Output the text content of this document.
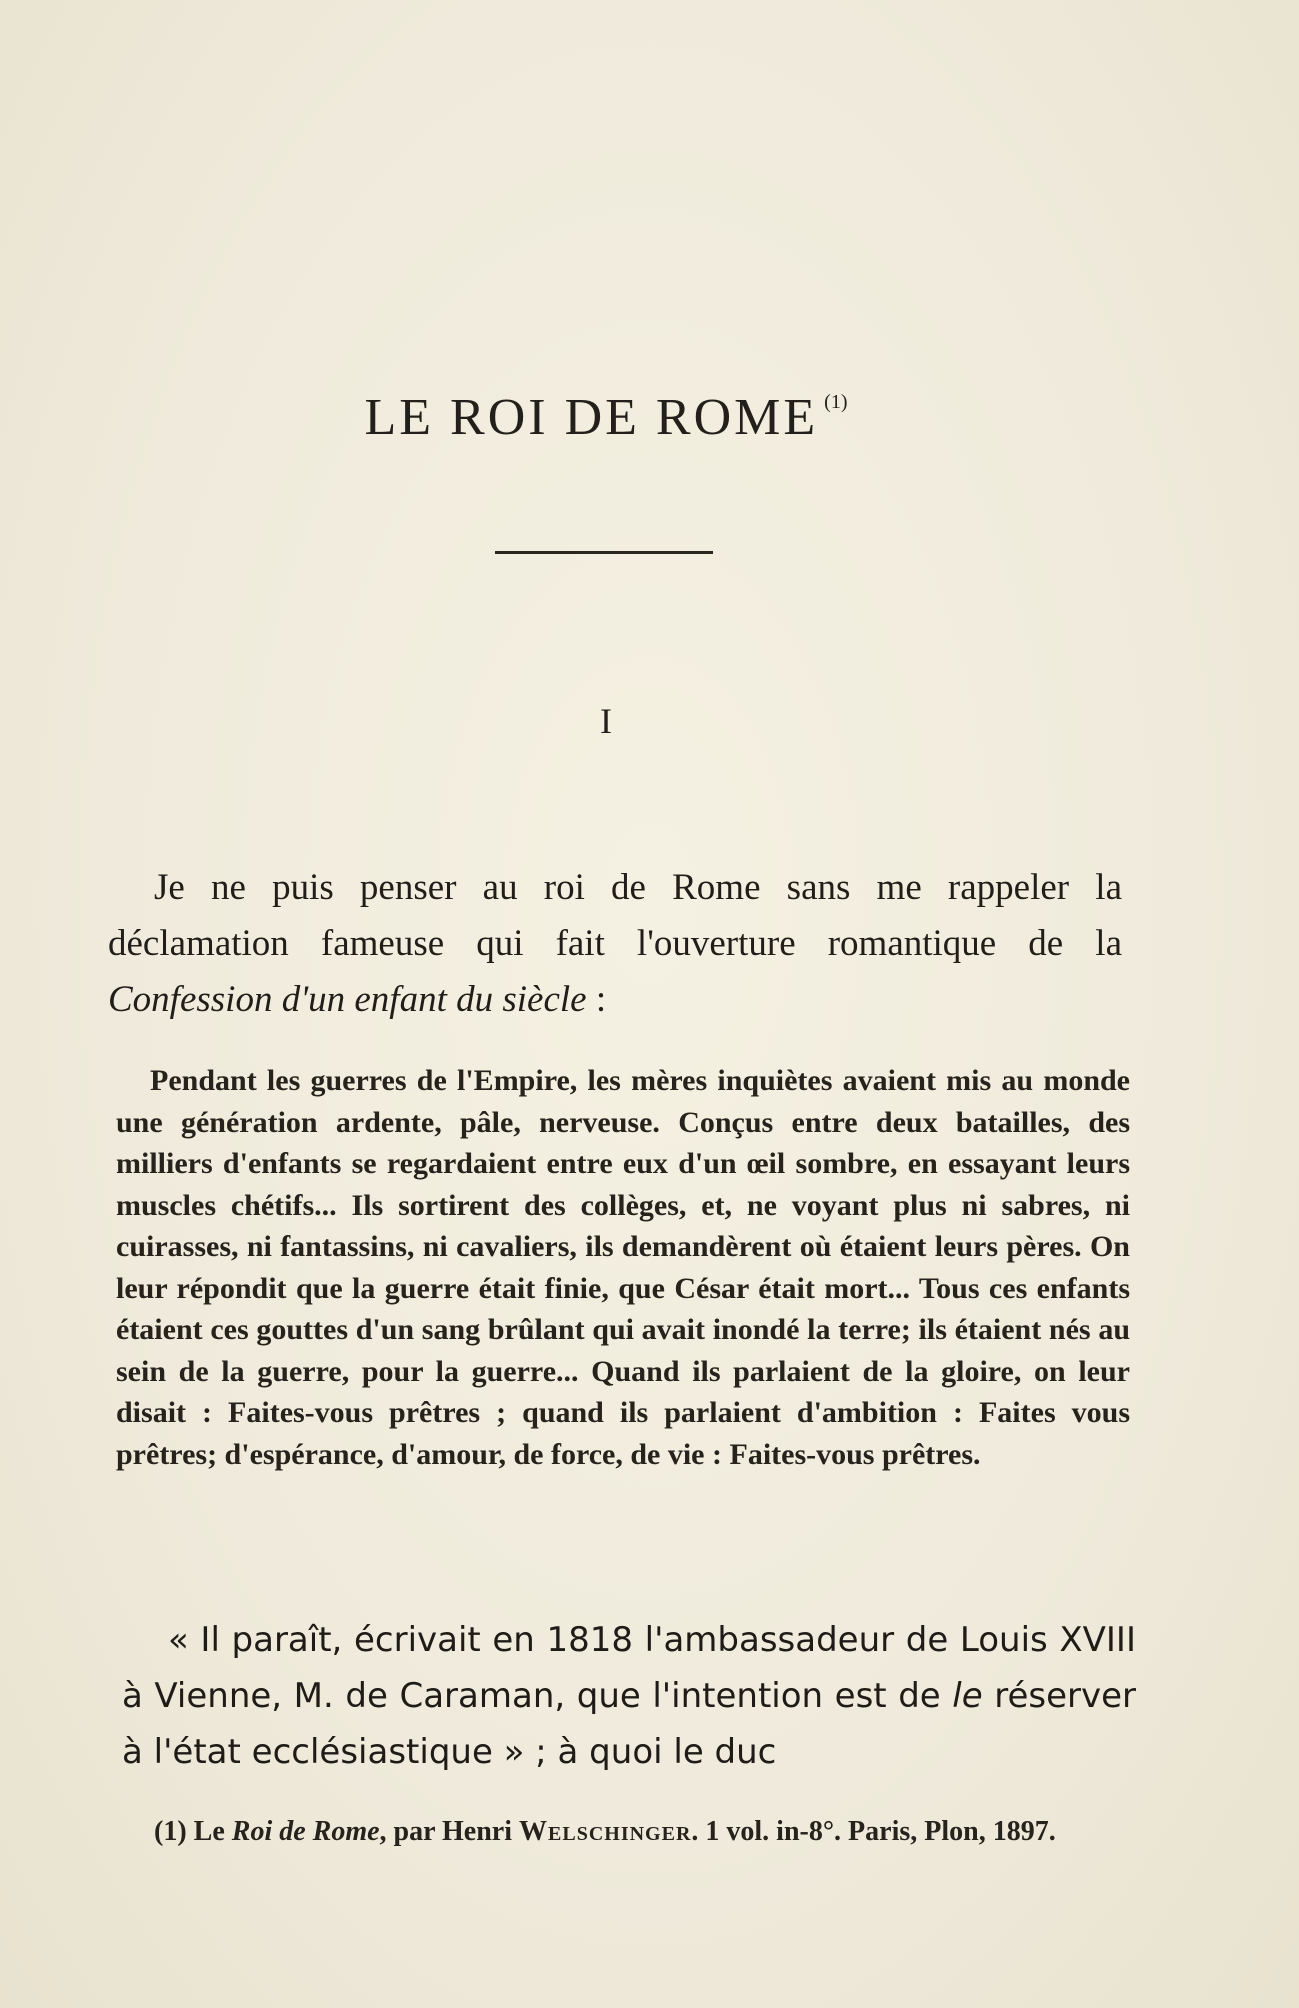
LE ROI DE ROME $^{(1)}$
I

Je ne puis penser au roi de Rome sans me rappeler la déclamation fameuse qui fait l'ouverture romantique de la Confession d'un enfant du siècle :

Pendant les guerres de l'Empire, les mères inquiètes avaient mis au monde une génération ardente, pâle, nerveuse. Conçus entre deux batailles, des milliers d'enfants se regardaient entre eux d'un œil sombre, en essayant leurs muscles chétifs... Ils sortirent des collèges, et, ne voyant plus ni sabres, ni cuirasses, ni fantassins, ni cavaliers, ils demandèrent où étaient leurs pères. On leur répondit que la guerre était finie, que César était mort... Tous ces enfants étaient ces gouttes d'un sang brûlant qui avait inondé la terre; ils étaient nés au sein de la guerre, pour la guerre... Quand ils parlaient de la gloire, on leur disait : Faites-vous prêtres ; quand ils parlaient d'ambition : Faites vous prêtres; d'espérance, d'amour, de force, de vie : Faites-vous prêtres.

« Il paraît, écrivait en 1818 l'ambassadeur de Louis XVIII à Vienne, M. de Caraman, que l'intention est de le réserver à l'état ecclésiastique » ; à quoi le duc

(1) Le Roi de Rome, par Henri Welschinger. 1 vol. in-8°. Paris, Plon, 1897.
